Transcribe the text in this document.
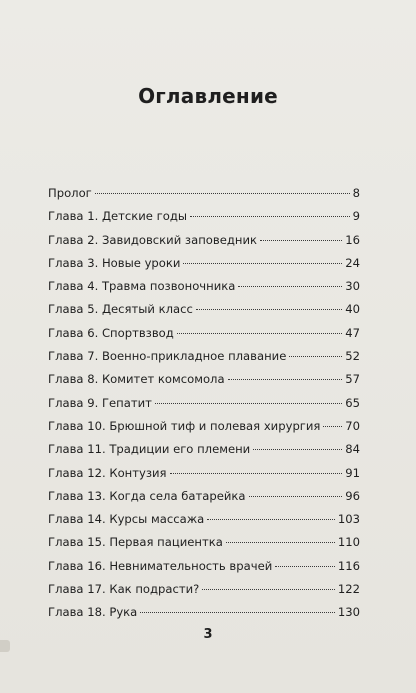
Оглавление
Пролог	8
Глава 1. Детские годы	9
Глава 2. Завидовский заповедник	16
Глава 3. Новые уроки	24
Глава 4. Травма позвоночника	30
Глава 5. Десятый класс	40
Глава 6. Спортвзвод	47
Глава 7. Военно-прикладное плавание	52
Глава 8. Комитет комсомола	57
Глава 9. Гепатит	65
Глава 10. Брюшной тиф и полевая хирургия 70
Глава 11. Традиции его племени	84
Глава 12. Контузия	91
Глава 13. Когда села батарейка	96
Глава 14. Курсы массажа	103
Глава 15. Первая пациентка	110
Глава 16. Невнимательность врачей	116
Глава 17. Как подрасти?	122
Глава 18. Рука	130
3
